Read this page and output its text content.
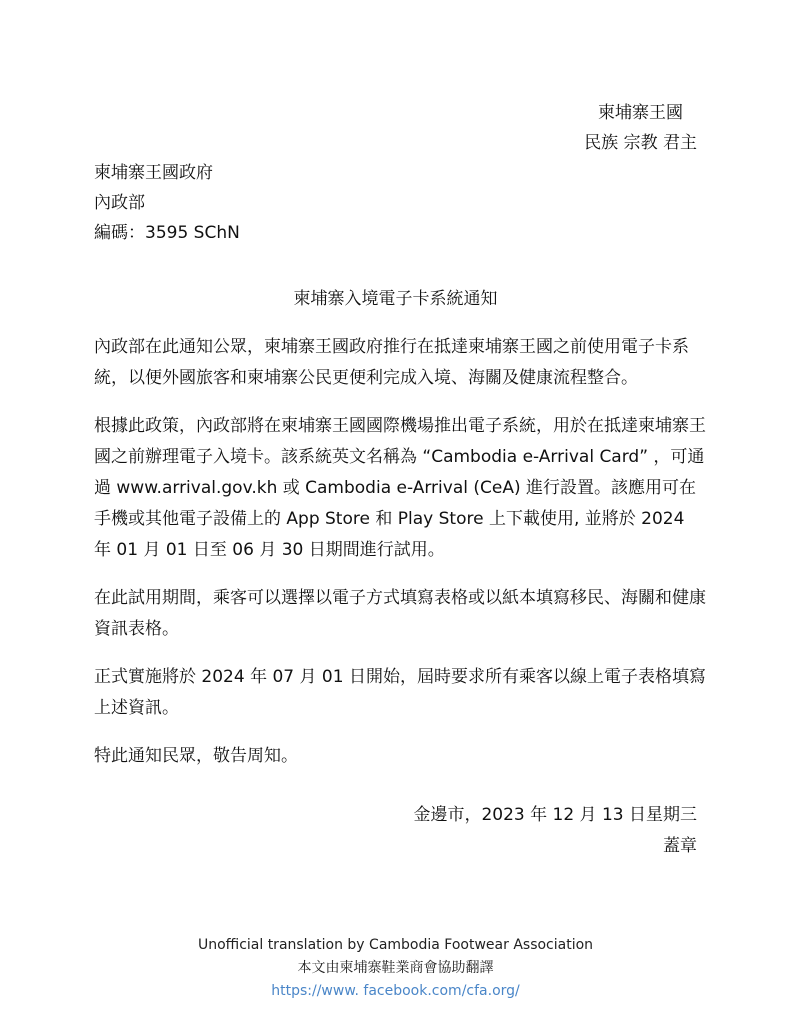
柬埔寨王國
民族 宗教 君主
柬埔寨王國政府
內政部
編碼：3595 SChN
柬埔寨入境電子卡系統通知

內政部在此通知公眾，柬埔寨王國政府推行在抵達柬埔寨王國之前使用電子卡系統，以便外國旅客和柬埔寨公民更便利完成入境、海關及健康流程整合。

根據此政策，內政部將在柬埔寨王國國際機場推出電子系統，用於在抵達柬埔寨王國之前辦理電子入境卡。該系統英文名稱為 “Cambodia e-Arrival Card” ，可通過 www.arrival.gov.kh 或 Cambodia e-Arrival (CeA) 進行設置。該應用可在手機或其他電子設備上的 App Store 和 Play Store 上下載使用, 並將於 2024 年 01 月 01 日至 06 月 30 日期間進行試用。

在此試用期間，乘客可以選擇以電子方式填寫表格或以紙本填寫移民、海關和健康資訊表格。

正式實施將於 2024 年 07 月 01 日開始，屆時要求所有乘客以線上電子表格填寫上述資訊。

特此通知民眾，敬告周知。

金邊市，2023 年 12 月 13 日星期三
蓋章
Unofficial translation by Cambodia Footwear Association
本文由柬埔寨鞋業商會協助翻譯
https://www. facebook.com/cfa.org/
